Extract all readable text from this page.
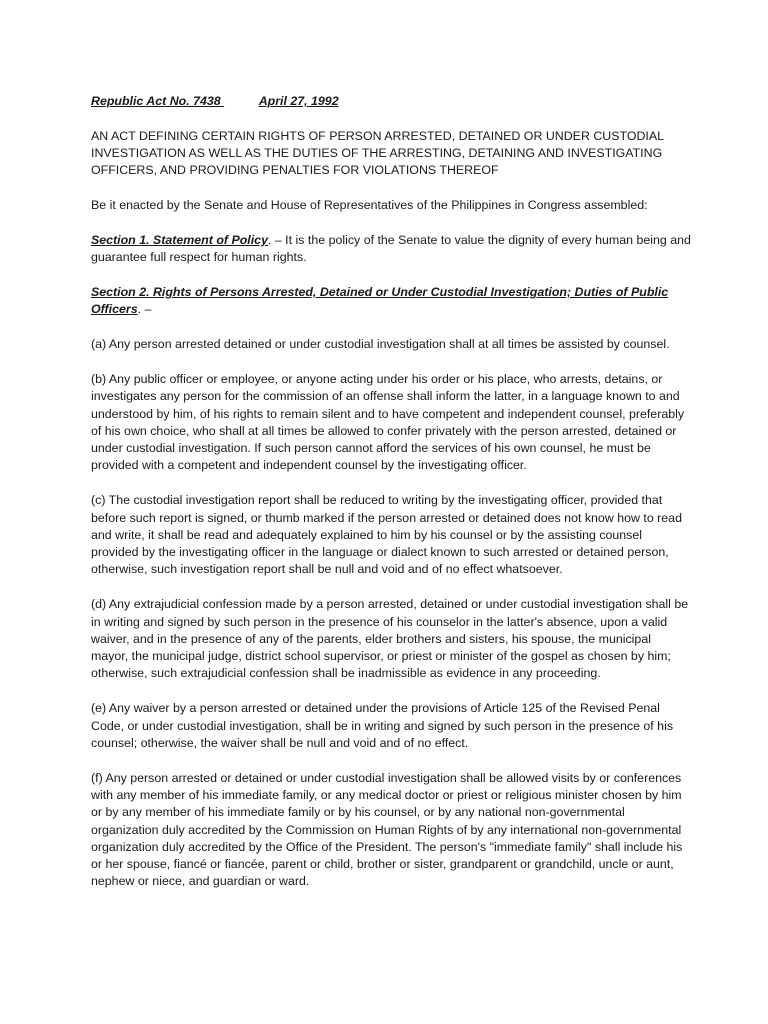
Republic Act No. 7438	April 27, 1992

AN ACT DEFINING CERTAIN RIGHTS OF PERSON ARRESTED, DETAINED OR UNDER CUSTODIAL INVESTIGATION AS WELL AS THE DUTIES OF THE ARRESTING, DETAINING AND INVESTIGATING OFFICERS, AND PROVIDING PENALTIES FOR VIOLATIONS THEREOF

Be it enacted by the Senate and House of Representatives of the Philippines in Congress assembled:

Section 1. Statement of Policy. – It is the policy of the Senate to value the dignity of every human being and guarantee full respect for human rights.

Section 2. Rights of Persons Arrested, Detained or Under Custodial Investigation; Duties of Public Officers. –

(a) Any person arrested detained or under custodial investigation shall at all times be assisted by counsel.

(b) Any public officer or employee, or anyone acting under his order or his place, who arrests, detains, or investigates any person for the commission of an offense shall inform the latter, in a language known to and understood by him, of his rights to remain silent and to have competent and independent counsel, preferably of his own choice, who shall at all times be allowed to confer privately with the person arrested, detained or under custodial investigation. If such person cannot afford the services of his own counsel, he must be provided with a competent and independent counsel by the investigating officer.

(c) The custodial investigation report shall be reduced to writing by the investigating officer, provided that before such report is signed, or thumb marked if the person arrested or detained does not know how to read and write, it shall be read and adequately explained to him by his counsel or by the assisting counsel provided by the investigating officer in the language or dialect known to such arrested or detained person, otherwise, such investigation report shall be null and void and of no effect whatsoever.

(d) Any extrajudicial confession made by a person arrested, detained or under custodial investigation shall be in writing and signed by such person in the presence of his counselor in the latter's absence, upon a valid waiver, and in the presence of any of the parents, elder brothers and sisters, his spouse, the municipal mayor, the municipal judge, district school supervisor, or priest or minister of the gospel as chosen by him; otherwise, such extrajudicial confession shall be inadmissible as evidence in any proceeding.

(e) Any waiver by a person arrested or detained under the provisions of Article 125 of the Revised Penal Code, or under custodial investigation, shall be in writing and signed by such person in the presence of his counsel; otherwise, the waiver shall be null and void and of no effect.

(f) Any person arrested or detained or under custodial investigation shall be allowed visits by or conferences with any member of his immediate family, or any medical doctor or priest or religious minister chosen by him or by any member of his immediate family or by his counsel, or by any national non-governmental organization duly accredited by the Commission on Human Rights of by any international non-governmental organization duly accredited by the Office of the President. The person's "immediate family" shall include his or her spouse, fiancé or fiancée, parent or child, brother or sister, grandparent or grandchild, uncle or aunt, nephew or niece, and guardian or ward.
